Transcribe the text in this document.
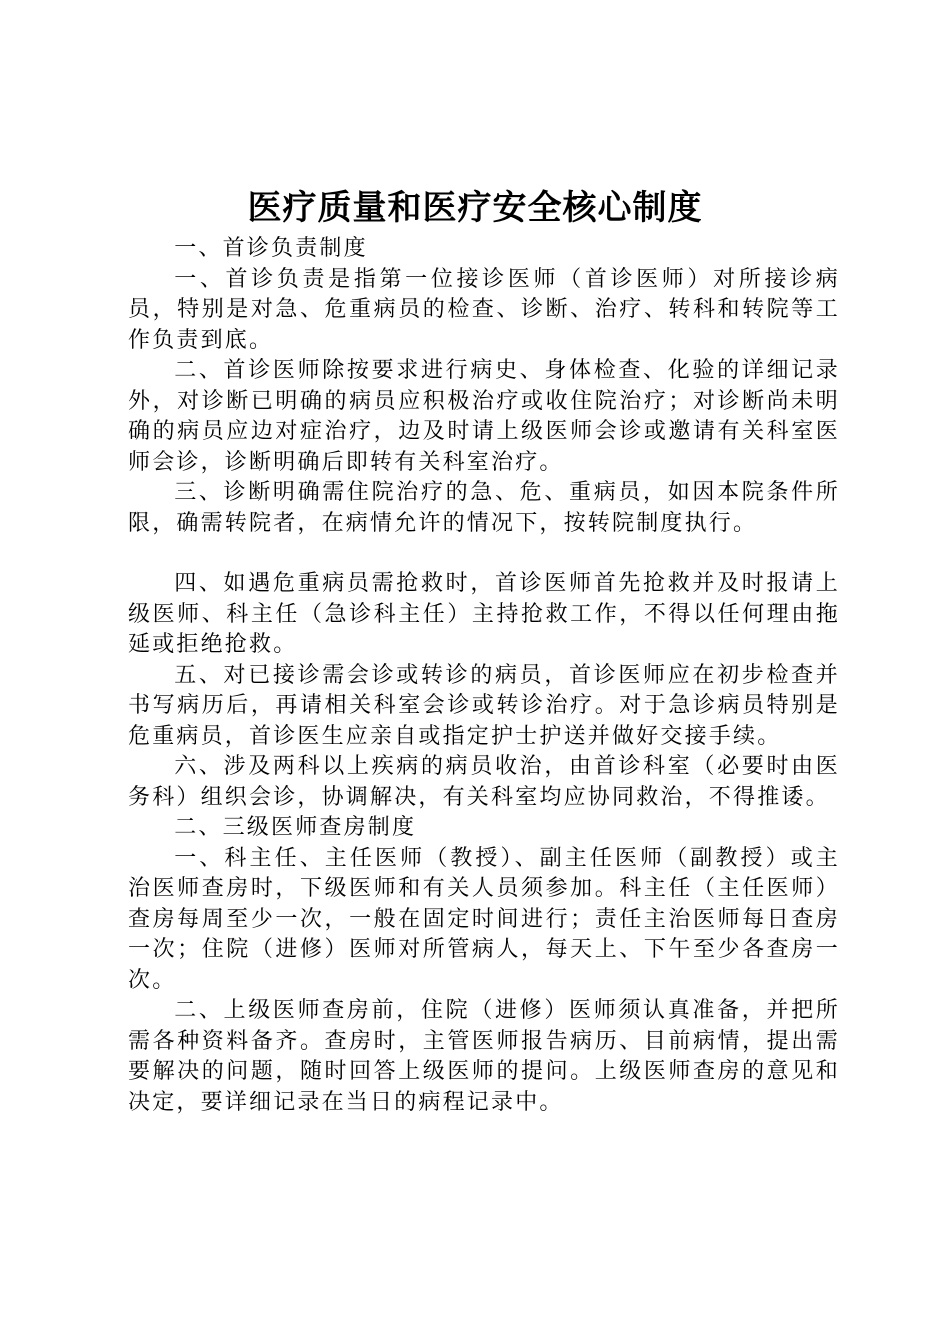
医疗质量和医疗安全核心制度

一、首诊负责制度

一、首诊负责是指第一位接诊医师（首诊医师）对所接诊病员，特别是对急、危重病员的检查、诊断、治疗、转科和转院等工作负责到底。

二、首诊医师除按要求进行病史、身体检查、化验的详细记录外，对诊断已明确的病员应积极治疗或收住院治疗；对诊断尚未明确的病员应边对症治疗，边及时请上级医师会诊或邀请有关科室医师会诊，诊断明确后即转有关科室治疗。

三、诊断明确需住院治疗的急、危、重病员，如因本院条件所限，确需转院者，在病情允许的情况下，按转院制度执行。

四、如遇危重病员需抢救时，首诊医师首先抢救并及时报请上级医师、科主任（急诊科主任）主持抢救工作，不得以任何理由拖延或拒绝抢救。

五、对已接诊需会诊或转诊的病员，首诊医师应在初步检查并书写病历后，再请相关科室会诊或转诊治疗。对于急诊病员特别是危重病员，首诊医生应亲自或指定护士护送并做好交接手续。

六、涉及两科以上疾病的病员收治，由首诊科室（必要时由医务科）组织会诊，协调解决，有关科室均应协同救治，不得推诿。

二、三级医师查房制度

一、科主任、主任医师（教授）、副主任医师（副教授）或主治医师查房时，下级医师和有关人员须参加。科主任（主任医师）查房每周至少一次，一般在固定时间进行；责任主治医师每日查房一次；住院（进修）医师对所管病人，每天上、下午至少各查房一次。

二、上级医师查房前，住院（进修）医师须认真准备，并把所需各种资料备齐。查房时，主管医师报告病历、目前病情，提出需要解决的问题，随时回答上级医师的提问。上级医师查房的意见和决定，要详细记录在当日的病程记录中。
